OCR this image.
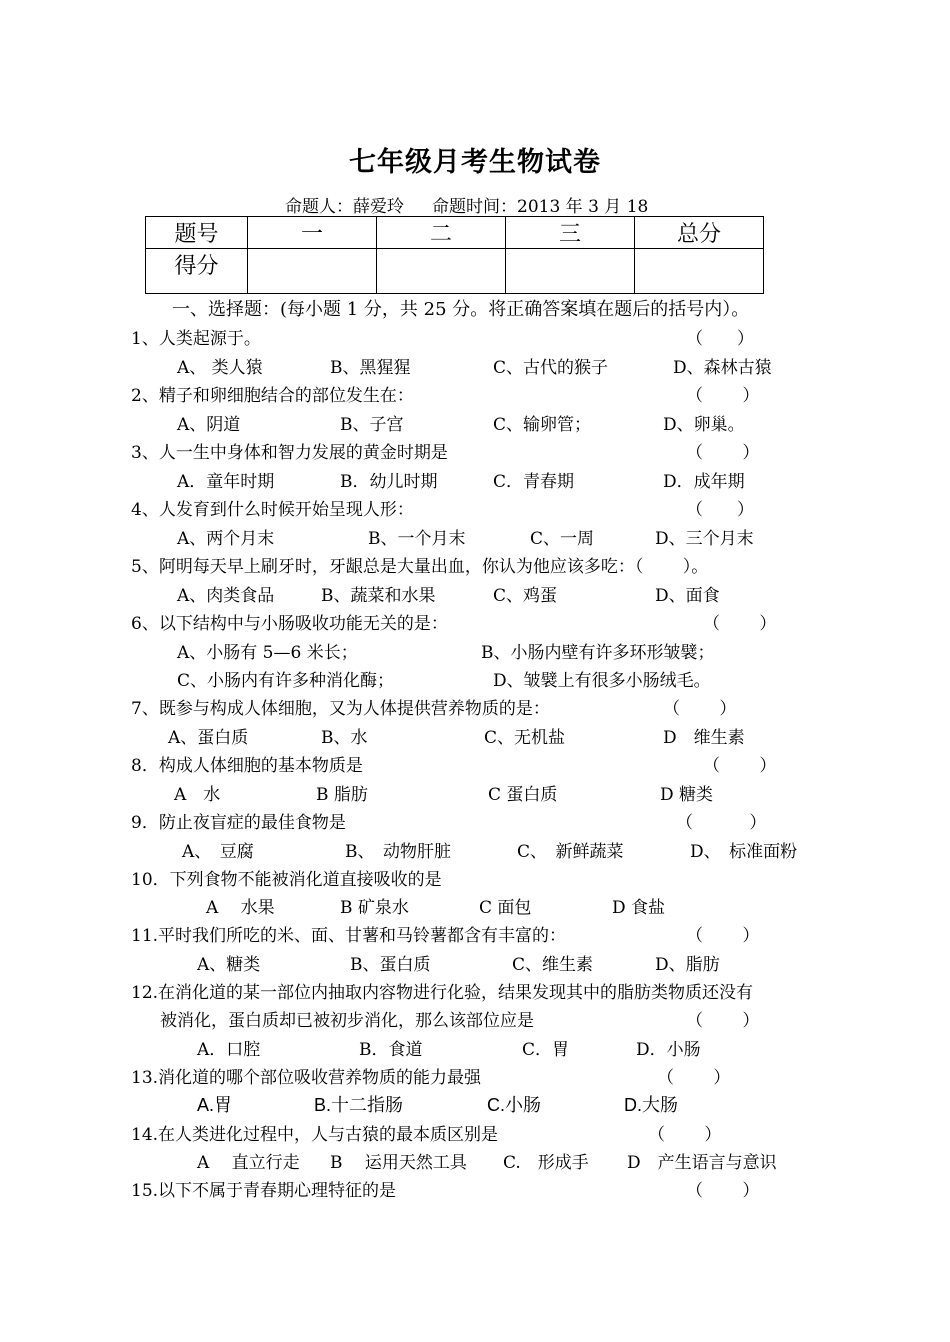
七年级月考生物试卷
命题人：薛爱玲 命题时间：2013 年 3 月 18
题号	一	二	三	总分
得分				
一、选择题：(每小题 1 分，共 25 分。将正确答案填在题后的括号内）。
1、人类起源于。	（　　）
A、 类人猿	B、黑猩猩	C、古代的猴子	D、森林古猿
2、精子和卵细胞结合的部位发生在：	（　　 ）
A、阴道	B、子宫	C、输卵管；	D、卵巢。
3、人一生中身体和智力发展的黄金时期是	（　　 ）
A．童年时期	B．幼儿时期	C．青春期	D．成年期
4、人发育到什么时候开始呈现人形：	（　　）
A、两个月末	B、一个月末	C、一周	D、三个月末
5、阿明每天早上刷牙时，牙龈总是大量出血，你认为他应该多吃：（　　 ）。
A、肉类食品	B、蔬菜和水果	C、鸡蛋	D、面食
6、以下结构中与小肠吸收功能无关的是：	（　　 ）
A、小肠有 5—6 米长；	B、小肠内壁有许多环形皱襞；
C、小肠内有许多种消化酶；	D、皱襞上有很多小肠绒毛。
7、既参与构成人体细胞，又为人体提供营养物质的是：	（　　 ）
A、蛋白质	B、水	C、无机盐	D　维生素
8．构成人体细胞的基本物质是	（　　 ）
A　水	B 脂肪	C 蛋白质	D 糖类
9．防止夜盲症的最佳食物是	（　　　 ）
A、　豆腐	B、　动物肝脏	C、　新鲜蔬菜	D、　标准面粉
10．下列食物不能被消化道直接吸收的是
A　 水果	B 矿泉水	C 面包	D 食盐
11.平时我们所吃的米、面、甘薯和马铃薯都含有丰富的：	（　　 ）
A、糖类	B、蛋白质	C、维生素	D、脂肪
12.在消化道的某一部位内抽取内容物进行化验，结果发现其中的脂肪类物质还没有
被消化，蛋白质却已被初步消化，那么该部位应是	（　　 ）
A．口腔	B．食道	C．胃	D．小肠
13.消化道的哪个部位吸收营养物质的能力最强	（　　 ）
A.胃	B.十二指肠	C.小肠	D.大肠
14.在人类进化过程中，人与古猿的最本质区别是	（　　 ）
A　 直立行走 B　 运用天然工具 C.　形成手 D　产生语言与意识
15.以下不属于青春期心理特征的是	（　　 ）
